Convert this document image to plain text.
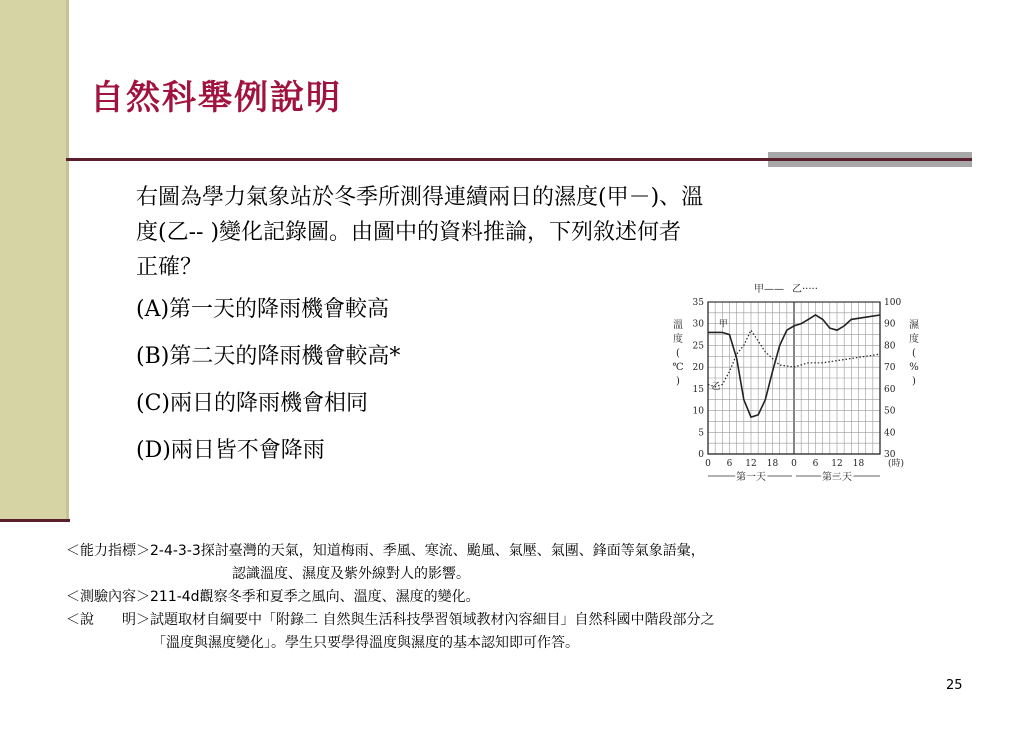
自然科舉例說明
右圖為學力氣象站於冬季所測得連續兩日的濕度(甲－)、溫
度(乙-- )變化記錄圖。由圖中的資料推論，下列敘述何者
正確？
(A)第一天的降雨機會較高
(B)第二天的降雨機會較高*
(C)兩日的降雨機會相同
(D)兩日皆不會降雨
35
30
25
20
15
10
5
0
100
90
80
70
60
50
40
30
0 6 12 18 0 6 12 18	(時)
第一天	第二天
溫
度
(
℃
)
濕
度
(
%
)
甲—— 乙·····
甲
乙
＜能力指標＞2-4-3-3探討臺灣的天氣，知道梅雨、季風、寒流、颱風、氣壓、氣團、鋒面等氣象語彙，
認識溫度、濕度及紫外線對人的影響。
＜測驗內容＞211-4d觀察冬季和夏季之風向、溫度、濕度的變化。
＜說　　明＞試題取材自綱要中「附錄二 自然與生活科技學習領域教材內容細目」自然科國中階段部分之
「溫度與濕度變化」。學生只要學得溫度與濕度的基本認知即可作答。
25
